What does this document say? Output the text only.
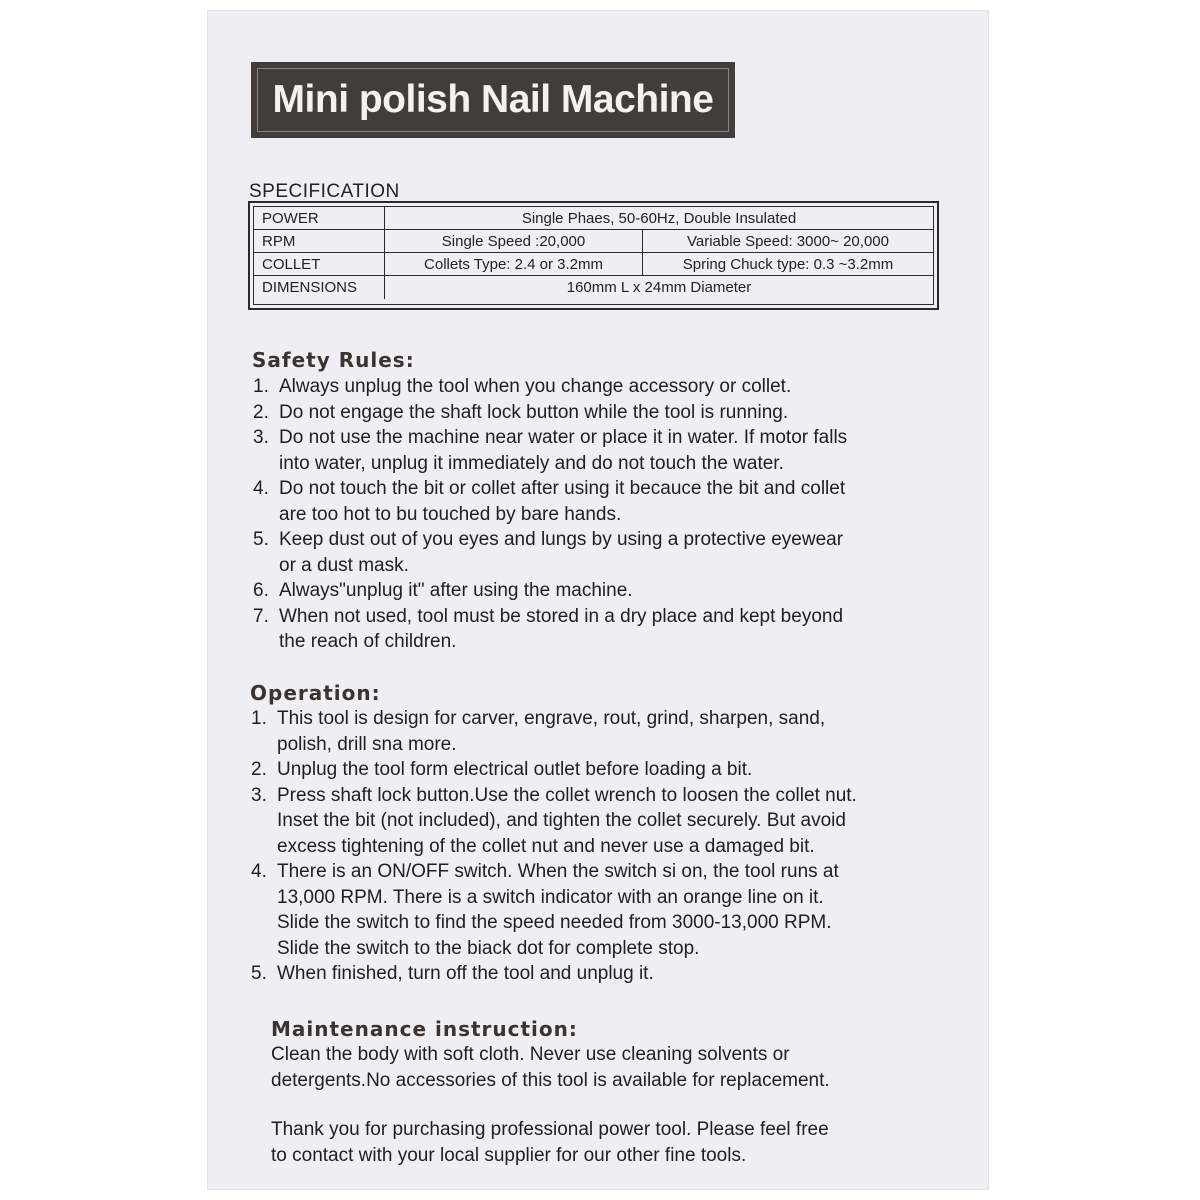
Mini polish Nail Machine
SPECIFICATION
POWER	Single Phaes, 50-60Hz, Double Insulated
RPM	Single Speed :20,000	Variable Speed: 3000~ 20,000
COLLET	Collets Type: 2.4 or 3.2mm	Spring Chuck type: 0.3 ~3.2mm
DIMENSIONS	160mm L x 24mm Diameter
Safety Rules:
1. Always unplug the tool when you change accessory or collet.
2. Do not engage the shaft lock button while the tool is running.
3. Do not use the machine near water or place it in water. If motor falls
into water, unplug it immediately and do not touch the water.
4. Do not touch the bit or collet after using it becauce the bit and collet
are too hot to bu touched by bare hands.
5. Keep dust out of you eyes and lungs by using a protective eyewear
or a dust mask.
6. Always"unplug it" after using the machine.
7. When not used, tool must be stored in a dry place and kept beyond
the reach of children.
Operation:
1. This tool is design for carver, engrave, rout, grind, sharpen, sand,
polish, drill sna more.
2. Unplug the tool form electrical outlet before loading a bit.
3. Press shaft lock button.Use the collet wrench to loosen the collet nut.
Inset the bit (not included), and tighten the collet securely. But avoid
excess tightening of the collet nut and never use a damaged bit.
4. There is an ON/OFF switch. When the switch si on, the tool runs at
13,000 RPM. There is a switch indicator with an orange line on it.
Slide the switch to find the speed needed from 3000-13,000 RPM.
Slide the switch to the biack dot for complete stop.
5. When finished, turn off the tool and unplug it.
Maintenance instruction:
Clean the body with soft cloth. Never use cleaning solvents or
detergents.No accessories of this tool is available for replacement.
Thank you for purchasing professional power tool. Please feel free
to contact with your local supplier for our other fine tools.
